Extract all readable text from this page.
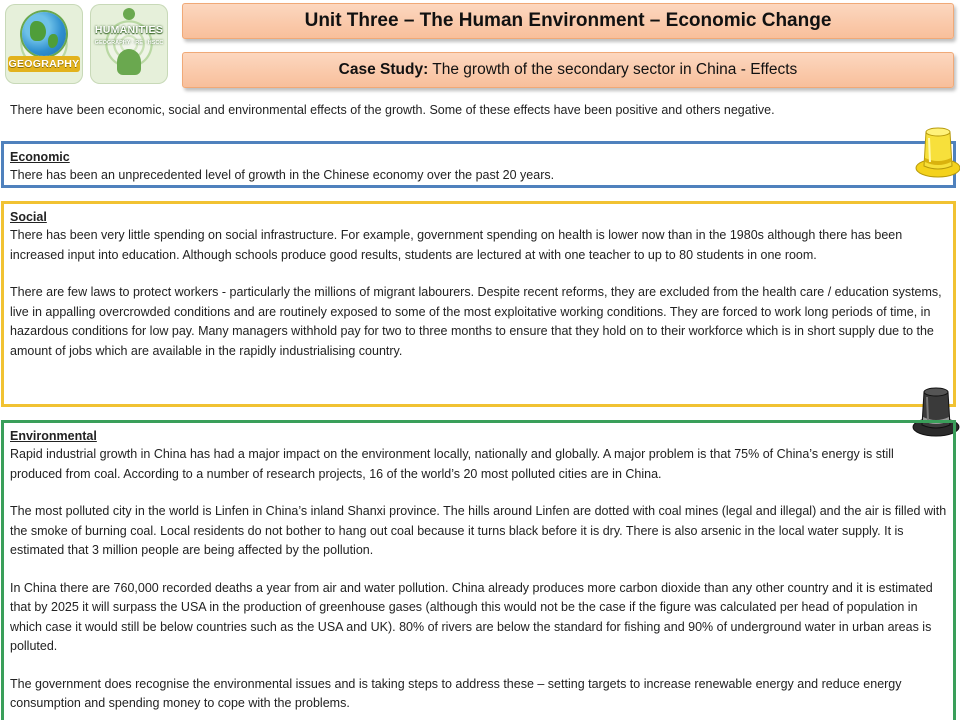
GEOGRAPHY
HUMANITIES
GEOGRAPHY · RE · HSCC
Unit Three – The Human Environment – Economic Change
Case Study: The growth of the secondary sector in China - Effects
There have been economic, social and environmental effects of the growth. Some of these effects have been positive and others negative.
Economic

There has been an unprecedented level of growth in the Chinese economy over the past 20 years.

Social

There has been very little spending on social infrastructure. For example, government spending on health is lower now than in the 1980s although there has been increased input into education. Although schools produce good results, students are lectured at with one teacher to up to 80 students in one room.

There are few laws to protect workers - particularly the millions of migrant labourers. Despite recent reforms, they are excluded from the health care / education systems, live in appalling overcrowded conditions and are routinely exposed to some of the most exploitative working conditions. They are forced to work long periods of time, in hazardous conditions for low pay. Many managers withhold pay for two to three months to ensure that they hold on to their workforce which is in short supply due to the amount of jobs which are available in the rapidly industrialising country.

Environmental

Rapid industrial growth in China has had a major impact on the environment locally, nationally and globally. A major problem is that 75% of China’s energy is still produced from coal. According to a number of research projects, 16 of the world’s 20 most polluted cities are in China.

The most polluted city in the world is Linfen in China’s inland Shanxi province. The hills around Linfen are dotted with coal mines (legal and illegal) and the air is filled with the smoke of burning coal. Local residents do not bother to hang out coal because it turns black before it is dry. There is also arsenic in the local water supply. It is estimated that 3 million people are being affected by the pollution.

In China there are 760,000 recorded deaths a year from air and water pollution. China already produces more carbon dioxide than any other country and it is estimated that by 2025 it will surpass the USA in the production of greenhouse gases (although this would not be the case if the figure was calculated per head of population in which case it would still be below countries such as the USA and UK). 80% of rivers are below the standard for fishing and 90% of underground water in urban areas is polluted.

The government does recognise the environmental issues and is taking steps to address these – setting targets to increase renewable energy and reduce energy consumption and spending money to cope with the problems.
